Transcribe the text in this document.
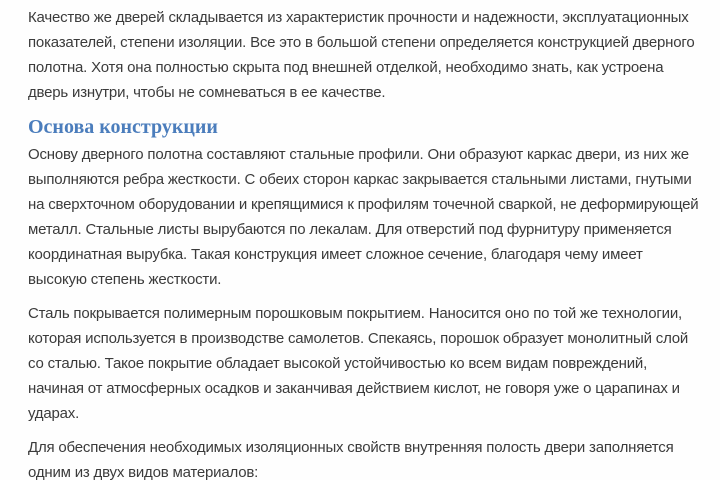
Качество же дверей складывается из характеристик прочности и надежности, эксплуатационных показателей, степени изоляции. Все это в большой степени определяется конструкцией дверного полотна. Хотя она полностью скрыта под внешней отделкой, необходимо знать, как устроена дверь изнутри, чтобы не сомневаться в ее качестве.

Основа конструкции

Основу дверного полотна составляют стальные профили. Они образуют каркас двери, из них же выполняются ребра жесткости. С обеих сторон каркас закрывается стальными листами, гнутыми на сверхточном оборудовании и крепящимися к профилям точечной сваркой, не деформирующей металл. Стальные листы вырубаются по лекалам. Для отверстий под фурнитуру применяется координатная вырубка. Такая конструкция имеет сложное сечение, благодаря чему имеет высокую степень жесткости.

Сталь покрывается полимерным порошковым покрытием. Наносится оно по той же технологии, которая используется в производстве самолетов. Спекаясь, порошок образует монолитный слой со сталью. Такое покрытие обладает высокой устойчивостью ко всем видам повреждений, начиная от атмосферных осадков и заканчивая действием кислот, не говоря уже о царапинах и ударах.

Для обеспечения необходимых изоляционных свойств внутренняя полость двери заполняется одним из двух видов материалов:
